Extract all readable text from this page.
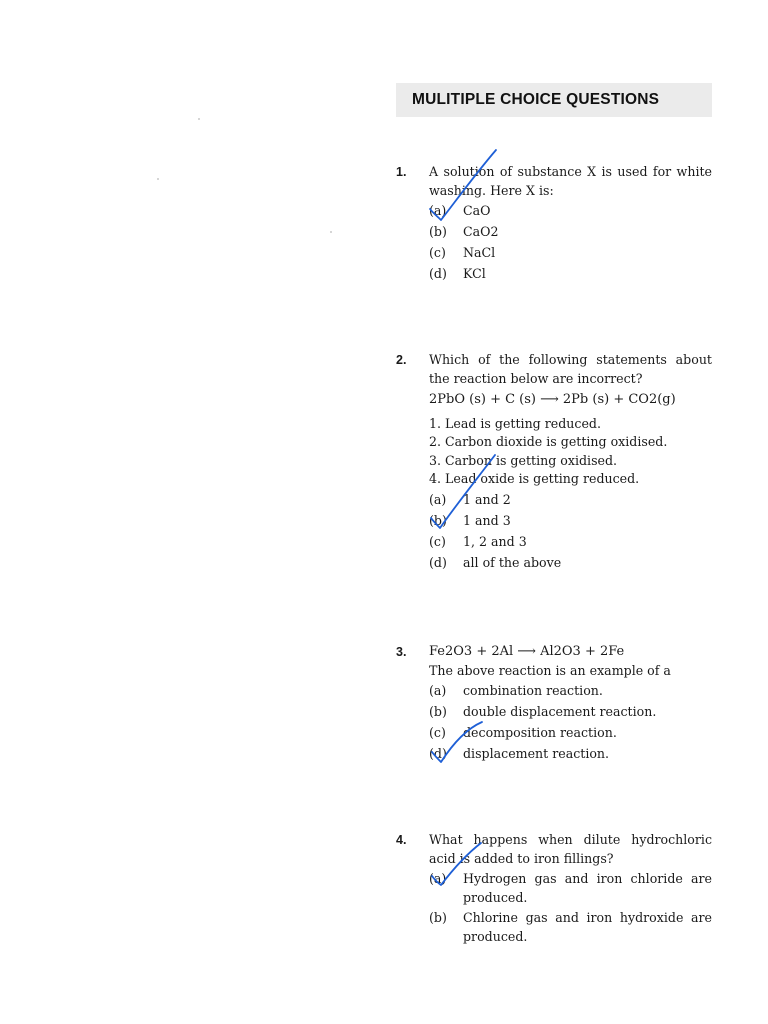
MULITIPLE CHOICE QUESTIONS
1. A solution of substance X is used for white
washing. Here X is:
(a)	CaO
(b)	CaO2
(c)	NaCl
(d)	KCl
2. Which of the following statements about
the reaction below are incorrect?
2PbO (s) + C (s) ⟶ 2Pb (s) + CO2(g)
1. Lead is getting reduced.
2. Carbon dioxide is getting oxidised.
3. Carbon is getting oxidised.
4. Lead oxide is getting reduced.
(a)	1 and 2
(b)	1 and 3
(c)	1, 2 and 3
(d)	all of the above
3. Fe2O3 + 2Al ⟶ Al2O3 + 2Fe
The above reaction is an example of a
(a)	combination reaction.
(b)	double displacement reaction.
(c)	decomposition reaction.
(d)	displacement reaction.
4. What happens when dilute hydrochloric
acid is added to iron fillings?
(a)	Hydrogen gas and iron chloride are
produced.
(b)	Chlorine gas and iron hydroxide are
produced.
